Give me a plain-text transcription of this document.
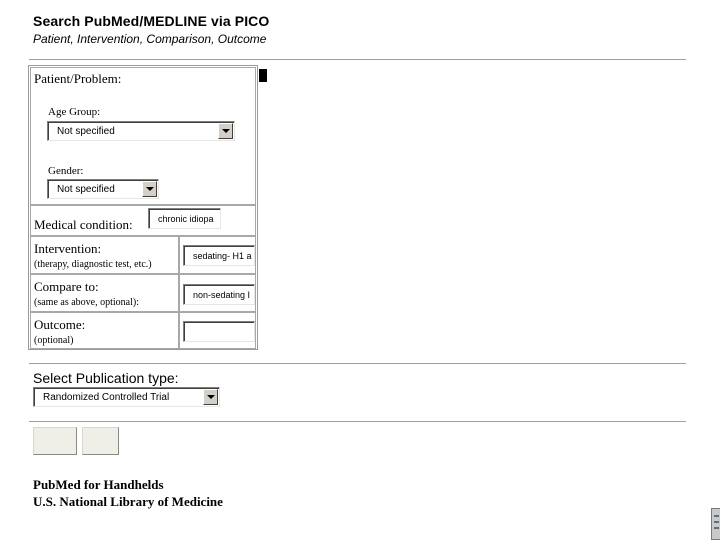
Search PubMed/MEDLINE via PICO
Patient, Intervention, Comparison, Outcome
Patient/Problem:
Age Group:
Not specified
Gender:
Not specified
Medical condition:	chronic idiopa
Intervention:
(therapy, diagnostic test, etc.)
sedating- H1 a
Compare to:
(same as above, optional):
non-sedating I
Outcome:
(optional)
Select Publication type:
Randomized Controlled Trial
PubMed for Handhelds
U.S. National Library of Medicine
